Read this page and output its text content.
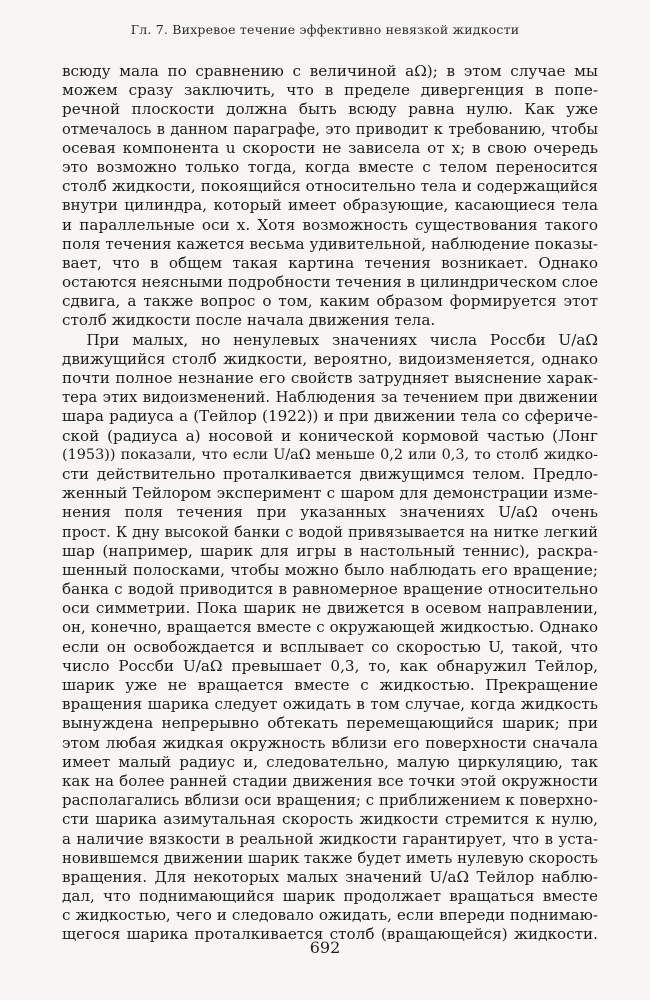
Гл. 7. Вихревое течение эффективно невязкой жидкости
всюду мала по сравнению с величиной aΩ); в этом случае мы
можем сразу заключить, что в пределе дивергенция в попе-
речной плоскости должна быть всюду равна нулю. Как уже
отмечалось в данном параграфе, это приводит к требованию, чтобы
осевая компонента u скорости не зависела от x; в свою очередь
это возможно только тогда, когда вместе с телом переносится
столб жидкости, покоящийся относительно тела и содержащийся
внутри цилиндра, который имеет образующие, касающиеся тела
и параллельные оси x. Хотя возможность существования такого
поля течения кажется весьма удивительной, наблюдение показы-
вает, что в общем такая картина течения возникает. Однако
остаются неясными подробности течения в цилиндрическом слое
сдвига, а также вопрос о том, каким образом формируется этот
столб жидкости после начала движения тела.
При малых, но ненулевых значениях числа Россби U/aΩ
движущийся столб жидкости, вероятно, видоизменяется, однако
почти полное незнание его свойств затрудняет выяснение харак-
тера этих видоизменений. Наблюдения за течением при движении
шара радиуса a (Тейлор (1922)) и при движении тела со сфериче-
ской (радиуса a) носовой и конической кормовой частью (Лонг
(1953)) показали, что если U/aΩ меньше 0,2 или 0,3, то столб жидко-
сти действительно проталкивается движущимся телом. Предло-
женный Тейлором эксперимент с шаром для демонстрации изме-
нения поля течения при указанных значениях U/aΩ очень
прост. К дну высокой банки с водой привязывается на нитке легкий
шар (например, шарик для игры в настольный теннис), раскра-
шенный полосками, чтобы можно было наблюдать его вращение;
банка с водой приводится в равномерное вращение относительно
оси симметрии. Пока шарик не движется в осевом направлении,
он, конечно, вращается вместе с окружающей жидкостью. Однако
если он освобождается и всплывает со скоростью U, такой, что
число Россби U/aΩ превышает 0,3, то, как обнаружил Тейлор,
шарик уже не вращается вместе с жидкостью. Прекращение
вращения шарика следует ожидать в том случае, когда жидкость
вынуждена непрерывно обтекать перемещающийся шарик; при
этом любая жидкая окружность вблизи его поверхности сначала
имеет малый радиус и, следовательно, малую циркуляцию, так
как на более ранней стадии движения все точки этой окружности
располагались вблизи оси вращения; с приближением к поверхно-
сти шарика азимутальная скорость жидкости стремится к нулю,
а наличие вязкости в реальной жидкости гарантирует, что в уста-
новившемся движении шарик также будет иметь нулевую скорость
вращения. Для некоторых малых значений U/aΩ Тейлор наблю-
дал, что поднимающийся шарик продолжает вращаться вместе
с жидкостью, чего и следовало ожидать, если впереди поднимаю-
щегося шарика проталкивается столб (вращающейся) жидкости.
692
